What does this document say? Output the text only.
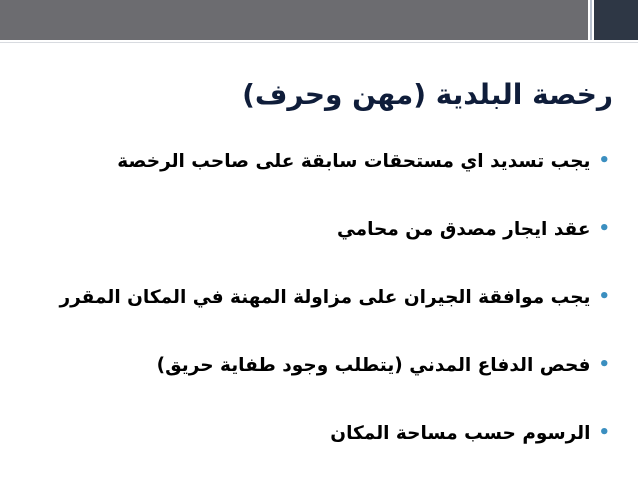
رخصة البلدية (مهن وحرف)
•يجب تسديد اي مستحقات سابقة على صاحب الرخصة
•عقد ايجار مصدق من محامي
•يجب موافقة الجيران على مزاولة المهنة في المكان المقرر
•فحص الدفاع المدني (يتطلب وجود طفاية حريق)
•الرسوم حسب مساحة المكان
